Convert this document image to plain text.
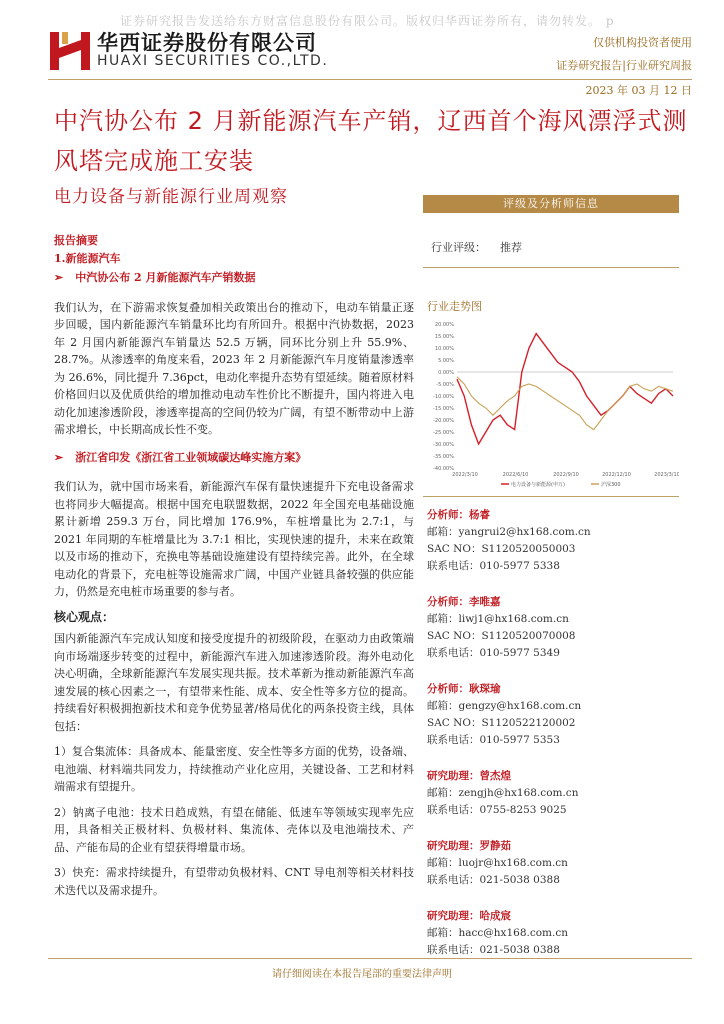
证券研究报告发送给东方财富信息股份有限公司。版权归华西证券所有，请勿转发。 p
华西证券股份有限公司
HUAXI SECURITIES CO.,LTD.
仅供机构投资者使用
证券研究报告|行业研究周报
2023 年 03 月 12 日
中汽协公布 2 月新能源汽车产销，辽西首个海风漂浮式测风塔完成施工安装
电力设备与新能源行业周观察
报告摘要
1.新能源汽车
➢ 中汽协公布 2 月新能源汽车产销数据

我们认为，在下游需求恢复叠加相关政策出台的推动下，电动车销量正逐步回暖，国内新能源汽车销量环比均有所回升。根据中汽协数据，2023 年 2 月国内新能源汽车销量达 52.5 万辆，同环比分别上升 55.9%、28.7%。从渗透率的角度来看，2023 年 2 月新能源汽车月度销量渗透率为 26.6%，同比提升 7.36pct，电动化率提升态势有望延续。随着原材料价格回归以及优质供给的增加推动电动车性价比不断提升，国内将进入电动化加速渗透阶段，渗透率提高的空间仍较为广阔，有望不断带动中上游需求增长，中长期高成长性不变。

➢ 浙江省印发《浙江省工业领域碳达峰实施方案》

我们认为，就中国市场来看，新能源汽车保有量快速提升下充电设备需求也将同步大幅提高。根据中国充电联盟数据，2022 年全国充电基础设施累计新增 259.3 万台，同比增加 176.9%，车桩增量比为 2.7:1，与 2021 年同期的车桩增量比为 3.7:1 相比，实现快速的提升，未来在政策以及市场的推动下，充换电等基础设施建设有望持续完善。此外，在全球电动化的背景下，充电桩等设施需求广阔，中国产业链具备较强的供应能力，仍然是充电桩市场重要的参与者。

核心观点：

国内新能源汽车完成认知度和接受度提升的初级阶段，在驱动力由政策端向市场端逐步转变的过程中，新能源汽车进入加速渗透阶段。海外电动化决心明确，全球新能源汽车发展实现共振。技术革新为推动新能源汽车高速发展的核心因素之一，有望带来性能、成本、安全性等多方位的提高。持续看好积极拥抱新技术和竞争优势显著/格局优化的两条投资主线，具体包括：

1）复合集流体：具备成本、能量密度、安全性等多方面的优势，设备端、电池端、材料端共同发力，持续推动产业化应用，关键设备、工艺和材料端需求有望提升。

2）钠离子电池：技术日趋成熟，有望在储能、低速车等领域实现率先应用，具备相关正极材料、负极材料、集流体、壳体以及电池端技术、产品、产能布局的企业有望获得增量市场。

3）快充：需求持续提升，有望带动负极材料、CNT 导电剂等相关材料技术迭代以及需求提升。

评级及分析师信息
行业评级： 推荐
行业走势图
20.00%
15.00%
10.00%
5.00%
0.00%
-5.00%
-10.00%
-15.00%
-20.00%
-25.00%
-30.00%
-35.00%
-40.00%
2022/3/10	2022/6/10	2022/9/10	2022/12/10	2023/3/10
电力设备与新能源(申万)	沪深300
分析师：杨睿
邮箱：yangrui2@hx168.com.cn
SAC NO：S1120520050003
联系电话：010-5977 5338
分析师：李唯嘉
邮箱：liwj1@hx168.com.cn
SAC NO：S1120520070008
联系电话：010-5977 5349
分析师：耿琛瑜
邮箱：gengzy@hx168.com.cn
SAC NO：S1120522120002
联系电话：010-5977 5353
研究助理：曾杰煌
邮箱：zengjh@hx168.com.cn
联系电话：0755-8253 9025
研究助理：罗静茹
邮箱：luojr@hx168.com.cn
联系电话：021-5038 0388
研究助理：哈成宸
邮箱：hacc@hx168.com.cn
联系电话：021-5038 0388
请仔细阅读在本报告尾部的重要法律声明
